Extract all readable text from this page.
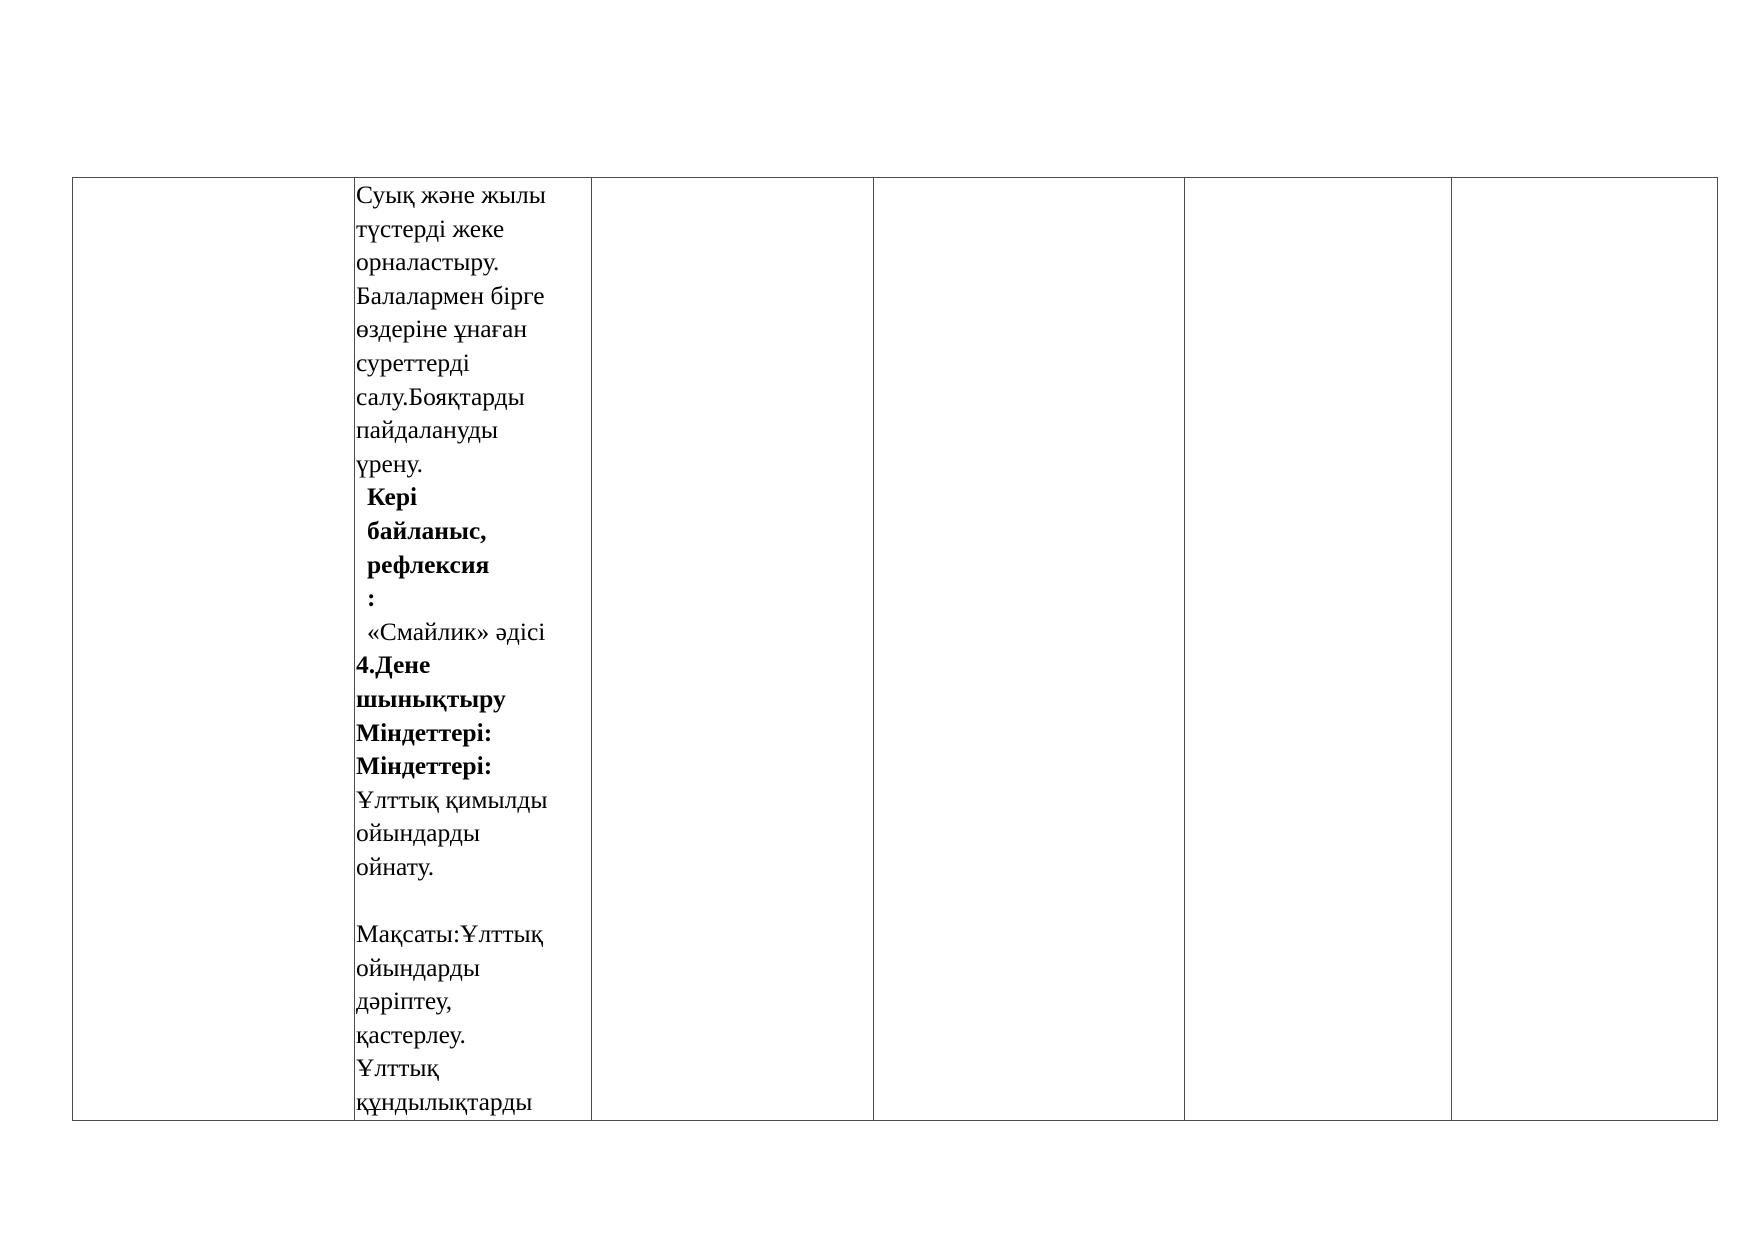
Суық және жылы
түстерді жеке
орналастыру.
Балалармен бірге
өздеріне ұнаған
суреттерді
салу.Бояқтарды
пайдалануды
үрену.
Кері
байланыс,
рефлексия
:
«Смайлик» әдісі
4.Дене
шынықтыру
Міндеттері:
Міндеттері:
Ұлттық қимылды
ойындарды
ойнату.
Мақсаты:Ұлттық
ойындарды
дәріптеу,
қастерлеу.
Ұлттық
құндылықтарды
